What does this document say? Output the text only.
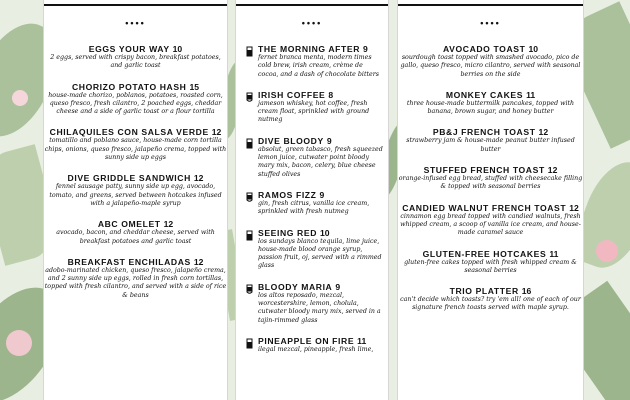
••••
EGGS YOUR WAY 10
2 eggs, served with crispy bacon, breakfast potatoes, and garlic toast
CHORIZO POTATO HASH 15
house-made chorizo, poblanos, potatoes, roasted corn, queso fresco, fresh cilantro, 2 poached eggs, cheddar cheese and a side of garlic toast or a flour tortilla
CHILAQUILES CON SALSA VERDE 12
tomatillo and poblano sauce, house-made corn tortilla chips, onions, queso fresco, jalapeño crema, topped with sunny side up eggs
DIVE GRIDDLE SANDWICH 12
fennel sausage patty, sunny side up egg, avocado, tomato, and greens, served between hotcakes infused with a jalapeño-maple syrup
ABC OMELET 12
avocado, bacon, and cheddar cheese, served with breakfast potatoes and garlic toast
BREAKFAST ENCHILADAS 12
adobo-marinated chicken, queso fresco, jalapeño crema, and 2 sunny side up eggs, rolled in fresh corn tortillas, topped with fresh cilantro, and served with a side of rice & beans
••••
THE MORNING AFTER 9
fernet branca menta, modern times cold brew, irish cream, crème de cocoa, and a dash of chocolate bitters
IRISH COFFEE 8
jameson whiskey, hot coffee, fresh cream float, sprinkled with ground nutmeg
DIVE BLOODY 9
absolut, green tabasco, fresh squeezed lemon juice, cutwater point bloody mary mix, bacon, celery, blue cheese stuffed olives
RAMOS FIZZ 9
gin, fresh citrus, vanilla ice cream, sprinkled with fresh nutmeg
SEEING RED 10
los sundays blanco tequila, lime juice, house-made blood orange syrup, passion fruit, oj, served with a rimmed glass
BLOODY MARIA 9
los altos reposado, mezcal, worcestershire, lemon, cholula, cutwater bloody mary mix, served in a tajin-rimmed glass
PINEAPPLE ON FIRE 11
ilegal mezcal, pineapple, fresh lime,
••••
AVOCADO TOAST 10
sourdough toast topped with smashed avocado, pico de gallo, queso fresco, micro cilantro, served with seasonal berries on the side
MONKEY CAKES 11
three house-made buttermilk pancakes, topped with banana, brown sugar, and honey butter
PB&J FRENCH TOAST 12
strawberry jam & house-made peanut butter infused butter
STUFFED FRENCH TOAST 12
orange-infused egg bread, stuffed with cheesecake filling & topped with seasonal berries
CANDIED WALNUT FRENCH TOAST 12
cinnamon egg bread topped with candied walnuts, fresh whipped cream, a scoop of vanilla ice cream, and house-made caramel sauce
GLUTEN-FREE HOTCAKES 11
gluten-free cakes topped with fresh whipped cream & seasonal berries
TRIO PLATTER 16
can't decide which toasts? try 'em all! one of each of our signature french toasts served with maple syrup.
